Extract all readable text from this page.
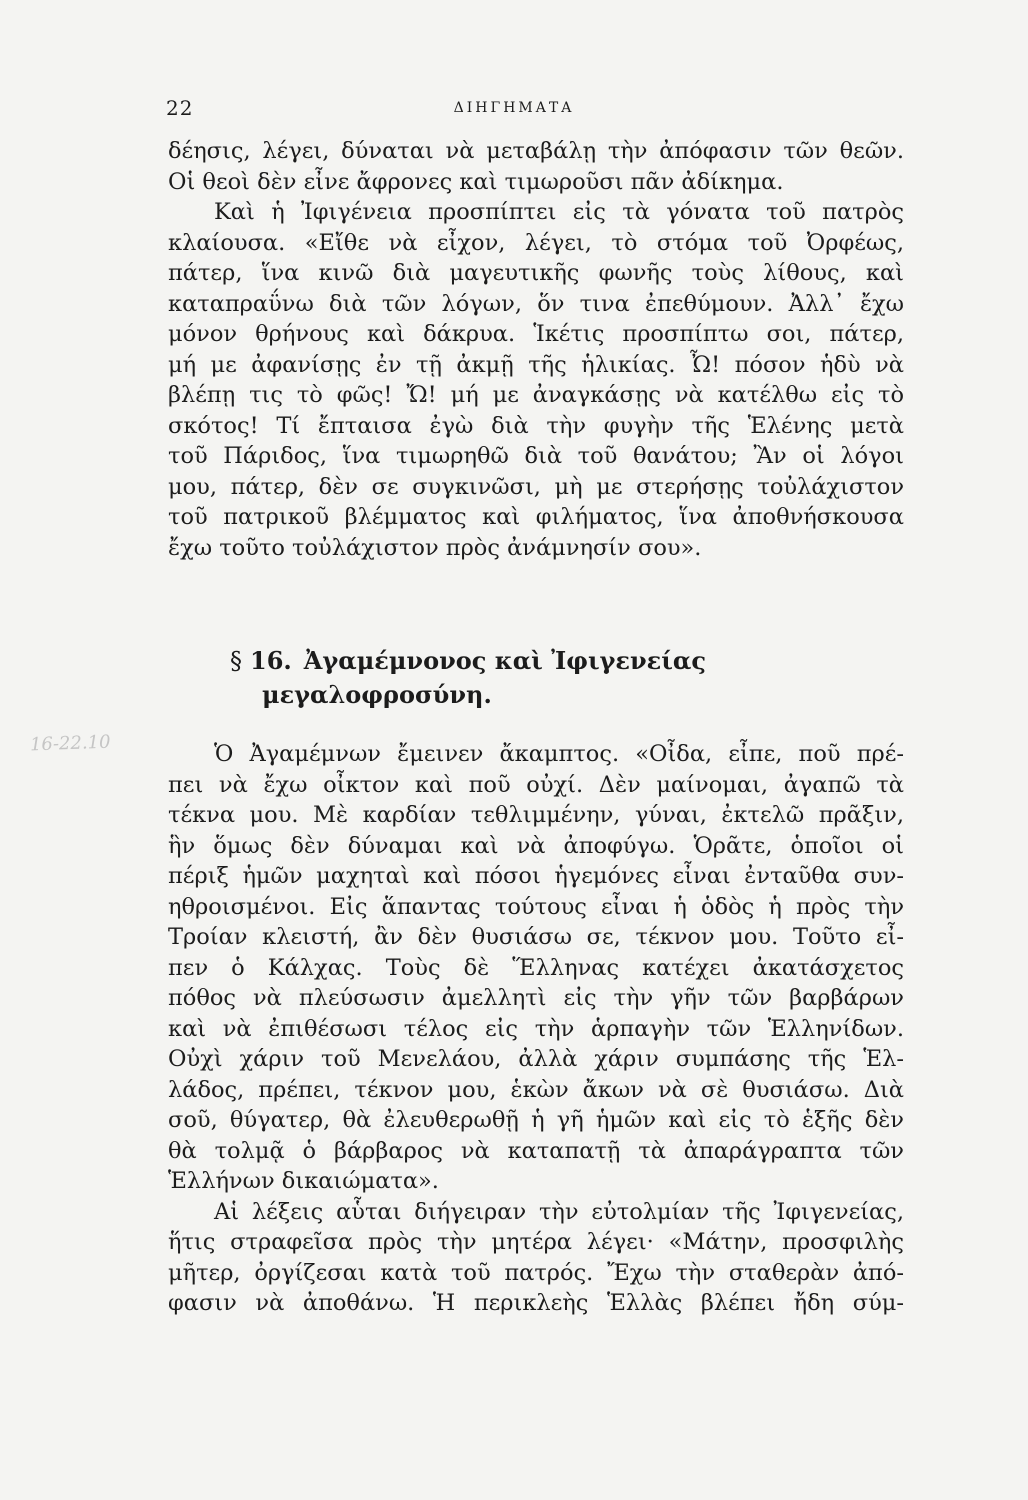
22	ΔΙΗΓΗΜΑΤΑ
16-22.10
δέησις, λέγει, δύναται νὰ μεταβάλῃ τὴν ἀπόφασιν τῶν θεῶν.
Οἱ θεοὶ δὲν εἶνε ἄφρονες καὶ τιμωροῦσι πᾶν ἀδίκημα.
Καὶ ἡ Ἰφιγένεια προσπίπτει εἰς τὰ γόνατα τοῦ πατρὸς
κλαίουσα. «Εἴθε νὰ εἶχον, λέγει, τὸ στόμα τοῦ Ὀρφέως,
πάτερ, ἵνα κινῶ διὰ μαγευτικῆς φωνῆς τοὺς λίθους, καὶ
καταπραΰνω διὰ τῶν λόγων, ὅν τινα ἐπεθύμουν. Ἀλλ᾽ ἔχω
μόνον θρήνους καὶ δάκρυα. Ἱκέτις προσπίπτω σοι, πάτερ,
μή με ἀφανίσῃς ἐν τῇ ἀκμῇ τῆς ἡλικίας. Ὦ! πόσον ἡδὺ νὰ
βλέπῃ τις τὸ φῶς! Ὤ! μή με ἀναγκάσῃς νὰ κατέλθω εἰς τὸ
σκότος! Τί ἔπταισα ἐγὼ διὰ τὴν φυγὴν τῆς Ἑλένης μετὰ
τοῦ Πάριδος, ἵνα τιμωρηθῶ διὰ τοῦ θανάτου; Ἂν οἱ λόγοι
μου, πάτερ, δὲν σε συγκινῶσι, μὴ με στερήσῃς τοὐλάχιστον
τοῦ πατρικοῦ βλέμματος καὶ φιλήματος, ἵνα ἀποθνήσκουσα
ἔχω τοῦτο τοὐλάχιστον πρὸς ἀνάμνησίν σου».
§ 16. Ἀγαμέμνονος καὶ Ἰφιγενείας
μεγαλοφροσύνη.
Ὁ Ἀγαμέμνων ἔμεινεν ἄκαμπτος. «Οἶδα, εἶπε, ποῦ πρέ-
πει νὰ ἔχω οἶκτον καὶ ποῦ οὐχί. Δὲν μαίνομαι, ἀγαπῶ τὰ
τέκνα μου. Μὲ καρδίαν τεθλιμμένην, γύναι, ἐκτελῶ πρᾶξιν,
ἣν ὅμως δὲν δύναμαι καὶ νὰ ἀποφύγω. Ὁρᾶτε, ὁποῖοι οἱ
πέριξ ἡμῶν μαχηταὶ καὶ πόσοι ἡγεμόνες εἶναι ἐνταῦθα συν-
ηθροισμένοι. Εἰς ἅπαντας τούτους εἶναι ἡ ὁδὸς ἡ πρὸς τὴν
Τροίαν κλειστή, ἂν δὲν θυσιάσω σε, τέκνον μου. Τοῦτο εἶ-
πεν ὁ Κάλχας. Τοὺς δὲ Ἕλληνας κατέχει ἀκατάσχετος
πόθος νὰ πλεύσωσιν ἀμελλητὶ εἰς τὴν γῆν τῶν βαρβάρων
καὶ νὰ ἐπιθέσωσι τέλος εἰς τὴν ἁρπαγὴν τῶν Ἑλληνίδων.
Οὐχὶ χάριν τοῦ Μενελάου, ἀλλὰ χάριν συμπάσης τῆς Ἑλ-
λάδος, πρέπει, τέκνον μου, ἑκὼν ἄκων νὰ σὲ θυσιάσω. Διὰ
σοῦ, θύγατερ, θὰ ἐλευθερωθῇ ἡ γῆ ἡμῶν καὶ εἰς τὸ ἑξῆς δὲν
θὰ τολμᾷ ὁ βάρβαρος νὰ καταπατῇ τὰ ἀπαράγραπτα τῶν
Ἑλλήνων δικαιώματα».
Αἱ λέξεις αὗται διήγειραν τὴν εὐτολμίαν τῆς Ἰφιγενείας,
ἥτις στραφεῖσα πρὸς τὴν μητέρα λέγει· «Μάτην, προσφιλὴς
μῆτερ, ὀργίζεσαι κατὰ τοῦ πατρός. Ἔχω τὴν σταθερὰν ἀπό-
φασιν νὰ ἀποθάνω. Ἡ περικλεὴς Ἑλλὰς βλέπει ἤδη σύμ-
